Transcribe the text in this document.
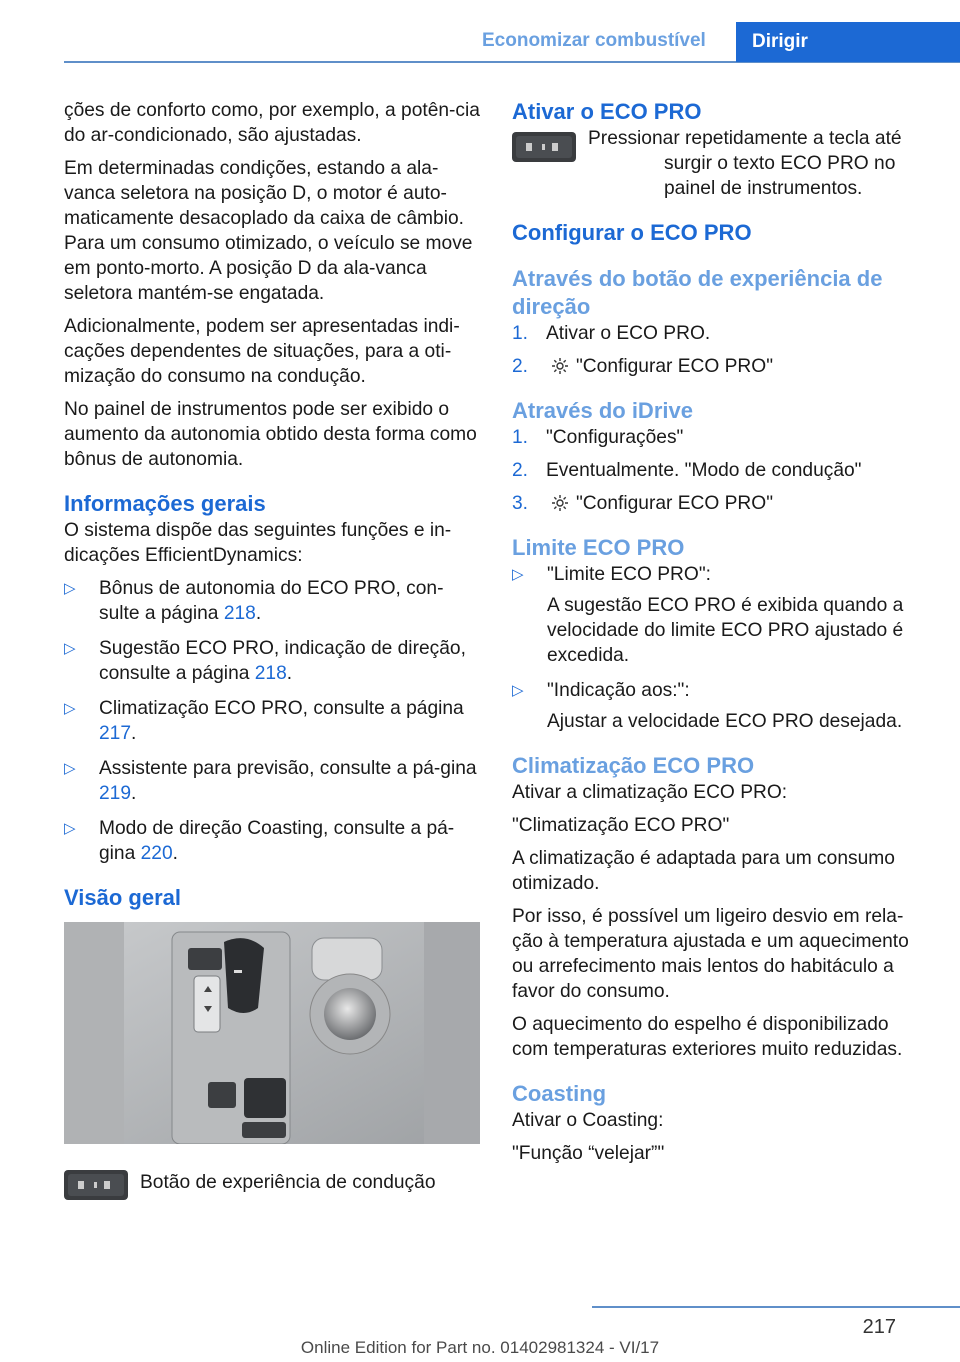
Economizar combustível	Dirigir

ções de conforto como, por exemplo, a potên‐cia do ar-condicionado, são ajustadas.

Em determinadas condições, estando a ala‐vanca seletora na posição D, o motor é auto‐maticamente desacoplado da caixa de câmbio. Para um consumo otimizado, o veículo se move em ponto-morto. A posição D da ala‐vanca seletora mantém-se engatada.

Adicionalmente, podem ser apresentadas indi‐cações dependentes de situações, para a oti‐mização do consumo na condução.

No painel de instrumentos pode ser exibido o aumento da autonomia obtido desta forma como bônus de autonomia.

Informações gerais

O sistema dispõe das seguintes funções e in‐dicações EfficientDynamics:

▷ Bônus de autonomia do ECO PRO, con‐sulte a página 218.
▷ Sugestão ECO PRO, indicação de direção, consulte a página 218.
▷ Climatização ECO PRO, consulte a página 217.
▷ Assistente para previsão, consulte a pá‐gina 219.
▷ Modo de direção Coasting, consulte a pá‐gina 220.
Visão geral

Botão de experiência de condução

Ativar o ECO PRO

Pressionar repetidamente a tecla até surgir o texto ECO PRO no painel de instrumentos.

Configurar o ECO PRO
Através do botão de experiência de direção
1. Ativar o ECO PRO.
2. "Configurar ECO PRO"
Através do iDrive
1. "Configurações"
2. Eventualmente. "Modo de condução"
3. "Configurar ECO PRO"
Limite ECO PRO
▷ "Limite ECO PRO":
A sugestão ECO PRO é exibida quando a velocidade do limite ECO PRO ajustado é excedida.
▷ "Indicação aos:":
Ajustar a velocidade ECO PRO desejada.
Climatização ECO PRO

Ativar a climatização ECO PRO:

"Climatização ECO PRO"

A climatização é adaptada para um consumo otimizado.

Por isso, é possível um ligeiro desvio em rela‐ção à temperatura ajustada e um aquecimento ou arrefecimento mais lentos do habitáculo a favor do consumo.

O aquecimento do espelho é disponibilizado com temperaturas exteriores muito reduzidas.

Coasting

Ativar o Coasting:

"Função “velejar”"

217
Online Edition for Part no. 01402981324 - VI/17
